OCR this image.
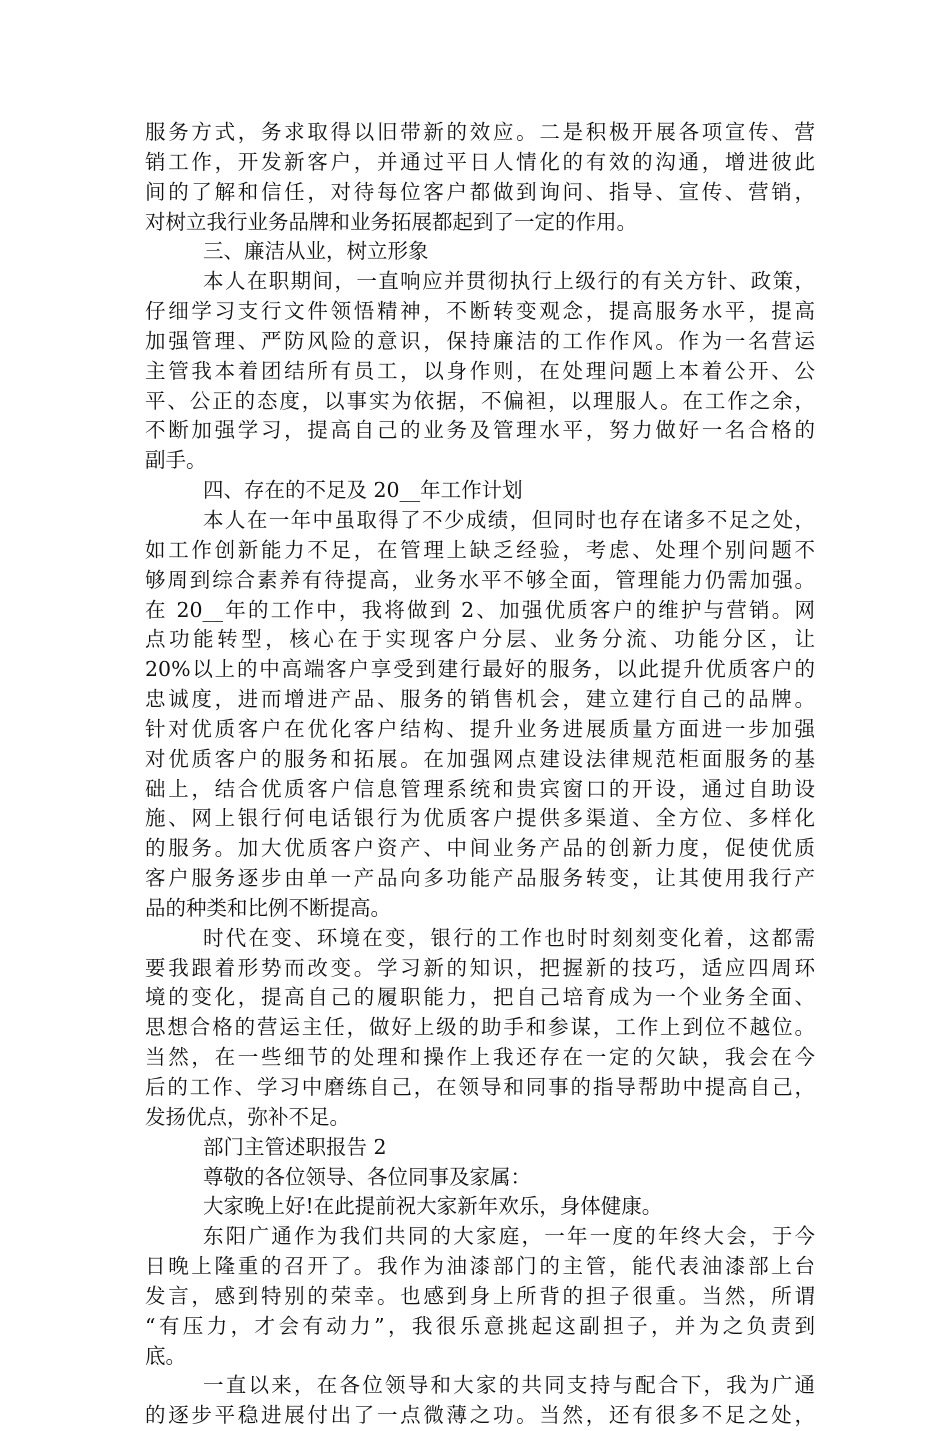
服务方式，务求取得以旧带新的效应。二是积极开展各项宣传、营
销工作，开发新客户，并通过平日人情化的有效的沟通，增进彼此
间的了解和信任，对待每位客户都做到询问、指导、宣传、营销，
对树立我行业务品牌和业务拓展都起到了一定的作用。
三、廉洁从业，树立形象
本人在职期间，一直响应并贯彻执行上级行的有关方针、政策，
仔细学习支行文件领悟精神，不断转变观念，提高服务水平，提高
加强管理、严防风险的意识，保持廉洁的工作作风。作为一名营运
主管我本着团结所有员工，以身作则，在处理问题上本着公开、公
平、公正的态度，以事实为依据，不偏袒，以理服人。在工作之余，
不断加强学习，提高自己的业务及管理水平，努力做好一名合格的
副手。
四、存在的不足及 20__年工作计划
本人在一年中虽取得了不少成绩，但同时也存在诸多不足之处，
如工作创新能力不足，在管理上缺乏经验，考虑、处理个别问题不
够周到综合素养有待提高，业务水平不够全面，管理能力仍需加强。
在 20__年的工作中，我将做到 2、加强优质客户的维护与营销。网
点功能转型，核心在于实现客户分层、业务分流、功能分区，让
20%以上的中高端客户享受到建行最好的服务，以此提升优质客户的
忠诚度，进而增进产品、服务的销售机会，建立建行自己的品牌。
针对优质客户在优化客户结构、提升业务进展质量方面进一步加强
对优质客户的服务和拓展。在加强网点建设法律规范柜面服务的基
础上，结合优质客户信息管理系统和贵宾窗口的开设，通过自助设
施、网上银行何电话银行为优质客户提供多渠道、全方位、多样化
的服务。加大优质客户资产、中间业务产品的创新力度，促使优质
客户服务逐步由单一产品向多功能产品服务转变，让其使用我行产
品的种类和比例不断提高。
时代在变、环境在变，银行的工作也时时刻刻变化着，这都需
要我跟着形势而改变。学习新的知识，把握新的技巧，适应四周环
境的变化，提高自己的履职能力，把自己培育成为一个业务全面、
思想合格的营运主任，做好上级的助手和参谋，工作上到位不越位。
当然，在一些细节的处理和操作上我还存在一定的欠缺，我会在今
后的工作、学习中磨练自己，在领导和同事的指导帮助中提高自己，
发扬优点，弥补不足。
部门主管述职报告 2
尊敬的各位领导、各位同事及家属：
大家晚上好!在此提前祝大家新年欢乐，身体健康。
东阳广通作为我们共同的大家庭，一年一度的年终大会，于今
日晚上隆重的召开了。我作为油漆部门的主管，能代表油漆部上台
发言，感到特别的荣幸。也感到身上所背的担子很重。当然，所谓
“有压力，才会有动力”，我很乐意挑起这副担子，并为之负责到
底。
一直以来，在各位领导和大家的共同支持与配合下，我为广通
的逐步平稳进展付出了一点微薄之功。当然，还有很多不足之处，
